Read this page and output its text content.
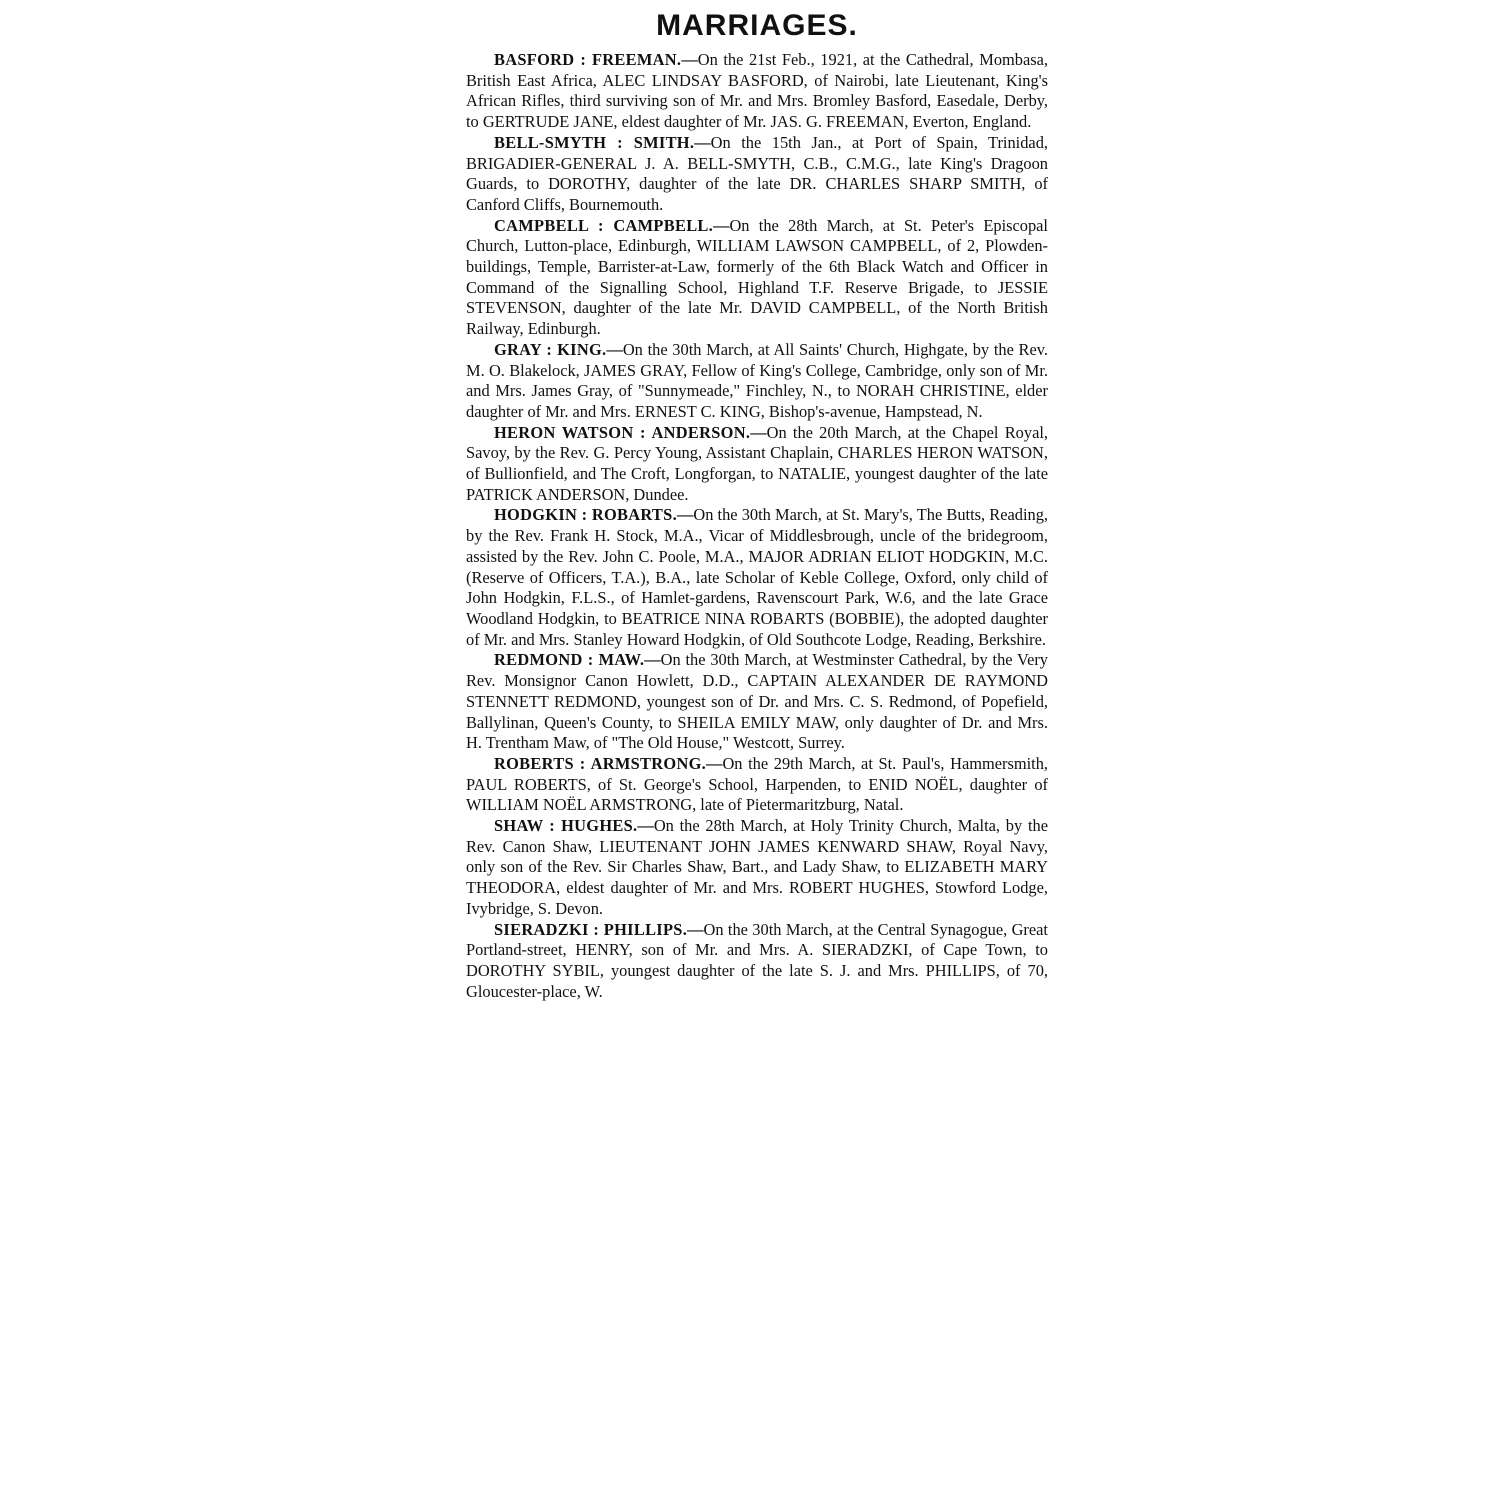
MARRIAGES.

BASFORD : FREEMAN.—On the 21st Feb., 1921, at the Cathedral, Mombasa, British East Africa, ALEC LINDSAY BASFORD, of Nairobi, late Lieutenant, King's African Rifles, third surviving son of Mr. and Mrs. Bromley Basford, Easedale, Derby, to GERTRUDE JANE, eldest daughter of Mr. JAS. G. FREEMAN, Everton, England.

BELL-SMYTH : SMITH.—On the 15th Jan., at Port of Spain, Trinidad, BRIGADIER-GENERAL J. A. BELL-SMYTH, C.B., C.M.G., late King's Dragoon Guards, to DOROTHY, daughter of the late DR. CHARLES SHARP SMITH, of Canford Cliffs, Bournemouth.

CAMPBELL : CAMPBELL.—On the 28th March, at St. Peter's Episcopal Church, Lutton-place, Edinburgh, WILLIAM LAWSON CAMPBELL, of 2, Plowden-buildings, Temple, Barrister-at-Law, formerly of the 6th Black Watch and Officer in Command of the Signalling School, Highland T.F. Reserve Brigade, to JESSIE STEVENSON, daughter of the late Mr. DAVID CAMPBELL, of the North British Railway, Edinburgh.

GRAY : KING.—On the 30th March, at All Saints' Church, Highgate, by the Rev. M. O. Blakelock, JAMES GRAY, Fellow of King's College, Cambridge, only son of Mr. and Mrs. James Gray, of "Sunnymeade," Finchley, N., to NORAH CHRISTINE, elder daughter of Mr. and Mrs. ERNEST C. KING, Bishop's-avenue, Hampstead, N.

HERON WATSON : ANDERSON.—On the 20th March, at the Chapel Royal, Savoy, by the Rev. G. Percy Young, Assistant Chaplain, CHARLES HERON WATSON, of Bullionfield, and The Croft, Longforgan, to NATALIE, youngest daughter of the late PATRICK ANDERSON, Dundee.

HODGKIN : ROBARTS.—On the 30th March, at St. Mary's, The Butts, Reading, by the Rev. Frank H. Stock, M.A., Vicar of Middlesbrough, uncle of the bridegroom, assisted by the Rev. John C. Poole, M.A., MAJOR ADRIAN ELIOT HODGKIN, M.C. (Reserve of Officers, T.A.), B.A., late Scholar of Keble College, Oxford, only child of John Hodgkin, F.L.S., of Hamlet-gardens, Ravenscourt Park, W.6, and the late Grace Woodland Hodgkin, to BEATRICE NINA ROBARTS (BOBBIE), the adopted daughter of Mr. and Mrs. Stanley Howard Hodgkin, of Old Southcote Lodge, Reading, Berkshire.

REDMOND : MAW.—On the 30th March, at Westminster Cathedral, by the Very Rev. Monsignor Canon Howlett, D.D., CAPTAIN ALEXANDER DE RAYMOND STENNETT REDMOND, youngest son of Dr. and Mrs. C. S. Redmond, of Popefield, Ballylinan, Queen's County, to SHEILA EMILY MAW, only daughter of Dr. and Mrs. H. Trentham Maw, of "The Old House," Westcott, Surrey.

ROBERTS : ARMSTRONG.—On the 29th March, at St. Paul's, Hammersmith, PAUL ROBERTS, of St. George's School, Harpenden, to ENID NOËL, daughter of WILLIAM NOËL ARMSTRONG, late of Pietermaritzburg, Natal.

SHAW : HUGHES.—On the 28th March, at Holy Trinity Church, Malta, by the Rev. Canon Shaw, LIEUTENANT JOHN JAMES KENWARD SHAW, Royal Navy, only son of the Rev. Sir Charles Shaw, Bart., and Lady Shaw, to ELIZABETH MARY THEODORA, eldest daughter of Mr. and Mrs. ROBERT HUGHES, Stowford Lodge, Ivybridge, S. Devon.

SIERADZKI : PHILLIPS.—On the 30th March, at the Central Synagogue, Great Portland-street, HENRY, son of Mr. and Mrs. A. SIERADZKI, of Cape Town, to DOROTHY SYBIL, youngest daughter of the late S. J. and Mrs. PHILLIPS, of 70, Gloucester-place, W.
